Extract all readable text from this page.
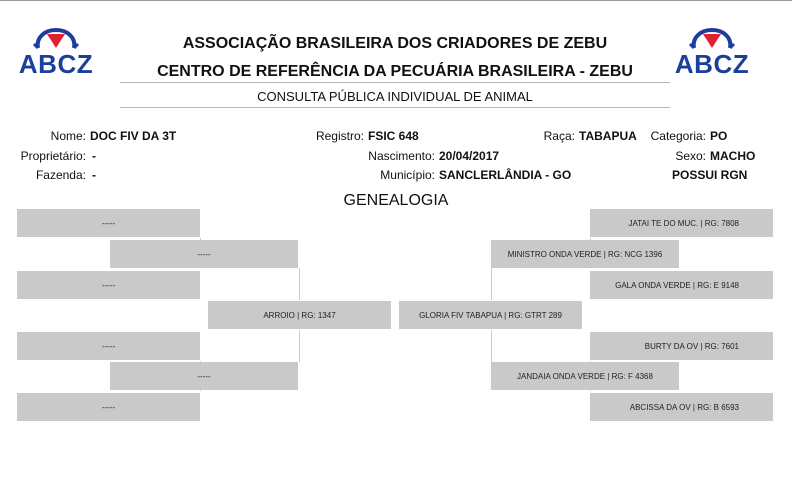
ABCZ	ABCZ
ASSOCIAÇÃO BRASILEIRA DOS CRIADORES DE ZEBU
CENTRO DE REFERÊNCIA DA PECUÁRIA BRASILEIRA - ZEBU
CONSULTA PÚBLICA INDIVIDUAL DE ANIMAL
Nome: DOC FIV DA 3T	Registro: FSIC 648	Raça: TABAPUA	Categoria: PO
Proprietário: -	Nascimento: 20/04/2017	Sexo: MACHO
Fazenda: -	Município: SANCLERLÂNDIA - GO	POSSUI RGN
GENEALOGIA
-----
-----
-----
ARROIO | RG: 1347
-----
-----
-----
JATAI TE DO MUC. | RG: 7808
MINISTRO ONDA VERDE | RG: NCG 1396
GALA ONDA VERDE | RG: E 9148
GLORIA FIV TABAPUA | RG: GTRT 289
BURTY DA OV | RG: 7601
JANDAIA ONDA VERDE | RG: F 4368
ABCISSA DA OV | RG: B 6593
